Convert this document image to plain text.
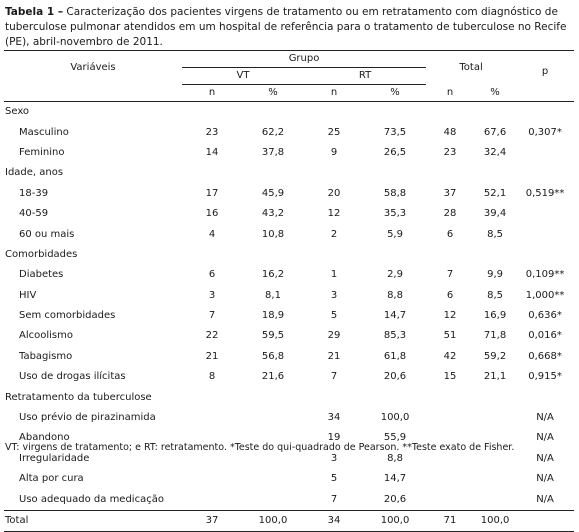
Tabela 1 – Caracterização dos pacientes virgens de tratamento ou em retratamento com diagnóstico de tuberculose pulmonar atendidos em um hospital de referência para o tratamento de tuberculose no Recife (PE), abril-novembro de 2011.
Variáveis	Grupo				Total		p
	VT		RT				
	n	%	n	%	n	%	
Sexo							
Masculino	23	62,2	25	73,5	48	67,6	0,307*
Feminino	14	37,8	9	26,5	23	32,4	
Idade, anos							
18-39	17	45,9	20	58,8	37	52,1	0,519**
40-59	16	43,2	12	35,3	28	39,4	
60 ou mais	4	10,8	2	5,9	6	8,5	
Comorbidades							
Diabetes	6	16,2	1	2,9	7	9,9	0,109**
HIV	3	8,1	3	8,8	6	8,5	1,000**
Sem comorbidades	7	18,9	5	14,7	12	16,9	0,636*
Alcoolismo	22	59,5	29	85,3	51	71,8	0,016*
Tabagismo	21	56,8	21	61,8	42	59,2	0,668*
Uso de drogas ilícitas	8	21,6	7	20,6	15	21,1	0,915*
Retratamento da tuberculose							
Uso prévio de pirazinamida			34	100,0			N/A
Abandono			19	55,9			N/A
Irregularidade			3	8,8			N/A
Alta por cura			5	14,7			N/A
Uso adequado da medicação			7	20,6			N/A
Total	37	100,0	34	100,0	71	100,0	
VT: virgens de tratamento; e RT: retratamento. *Teste do qui-quadrado de Pearson. **Teste exato de Fisher.
